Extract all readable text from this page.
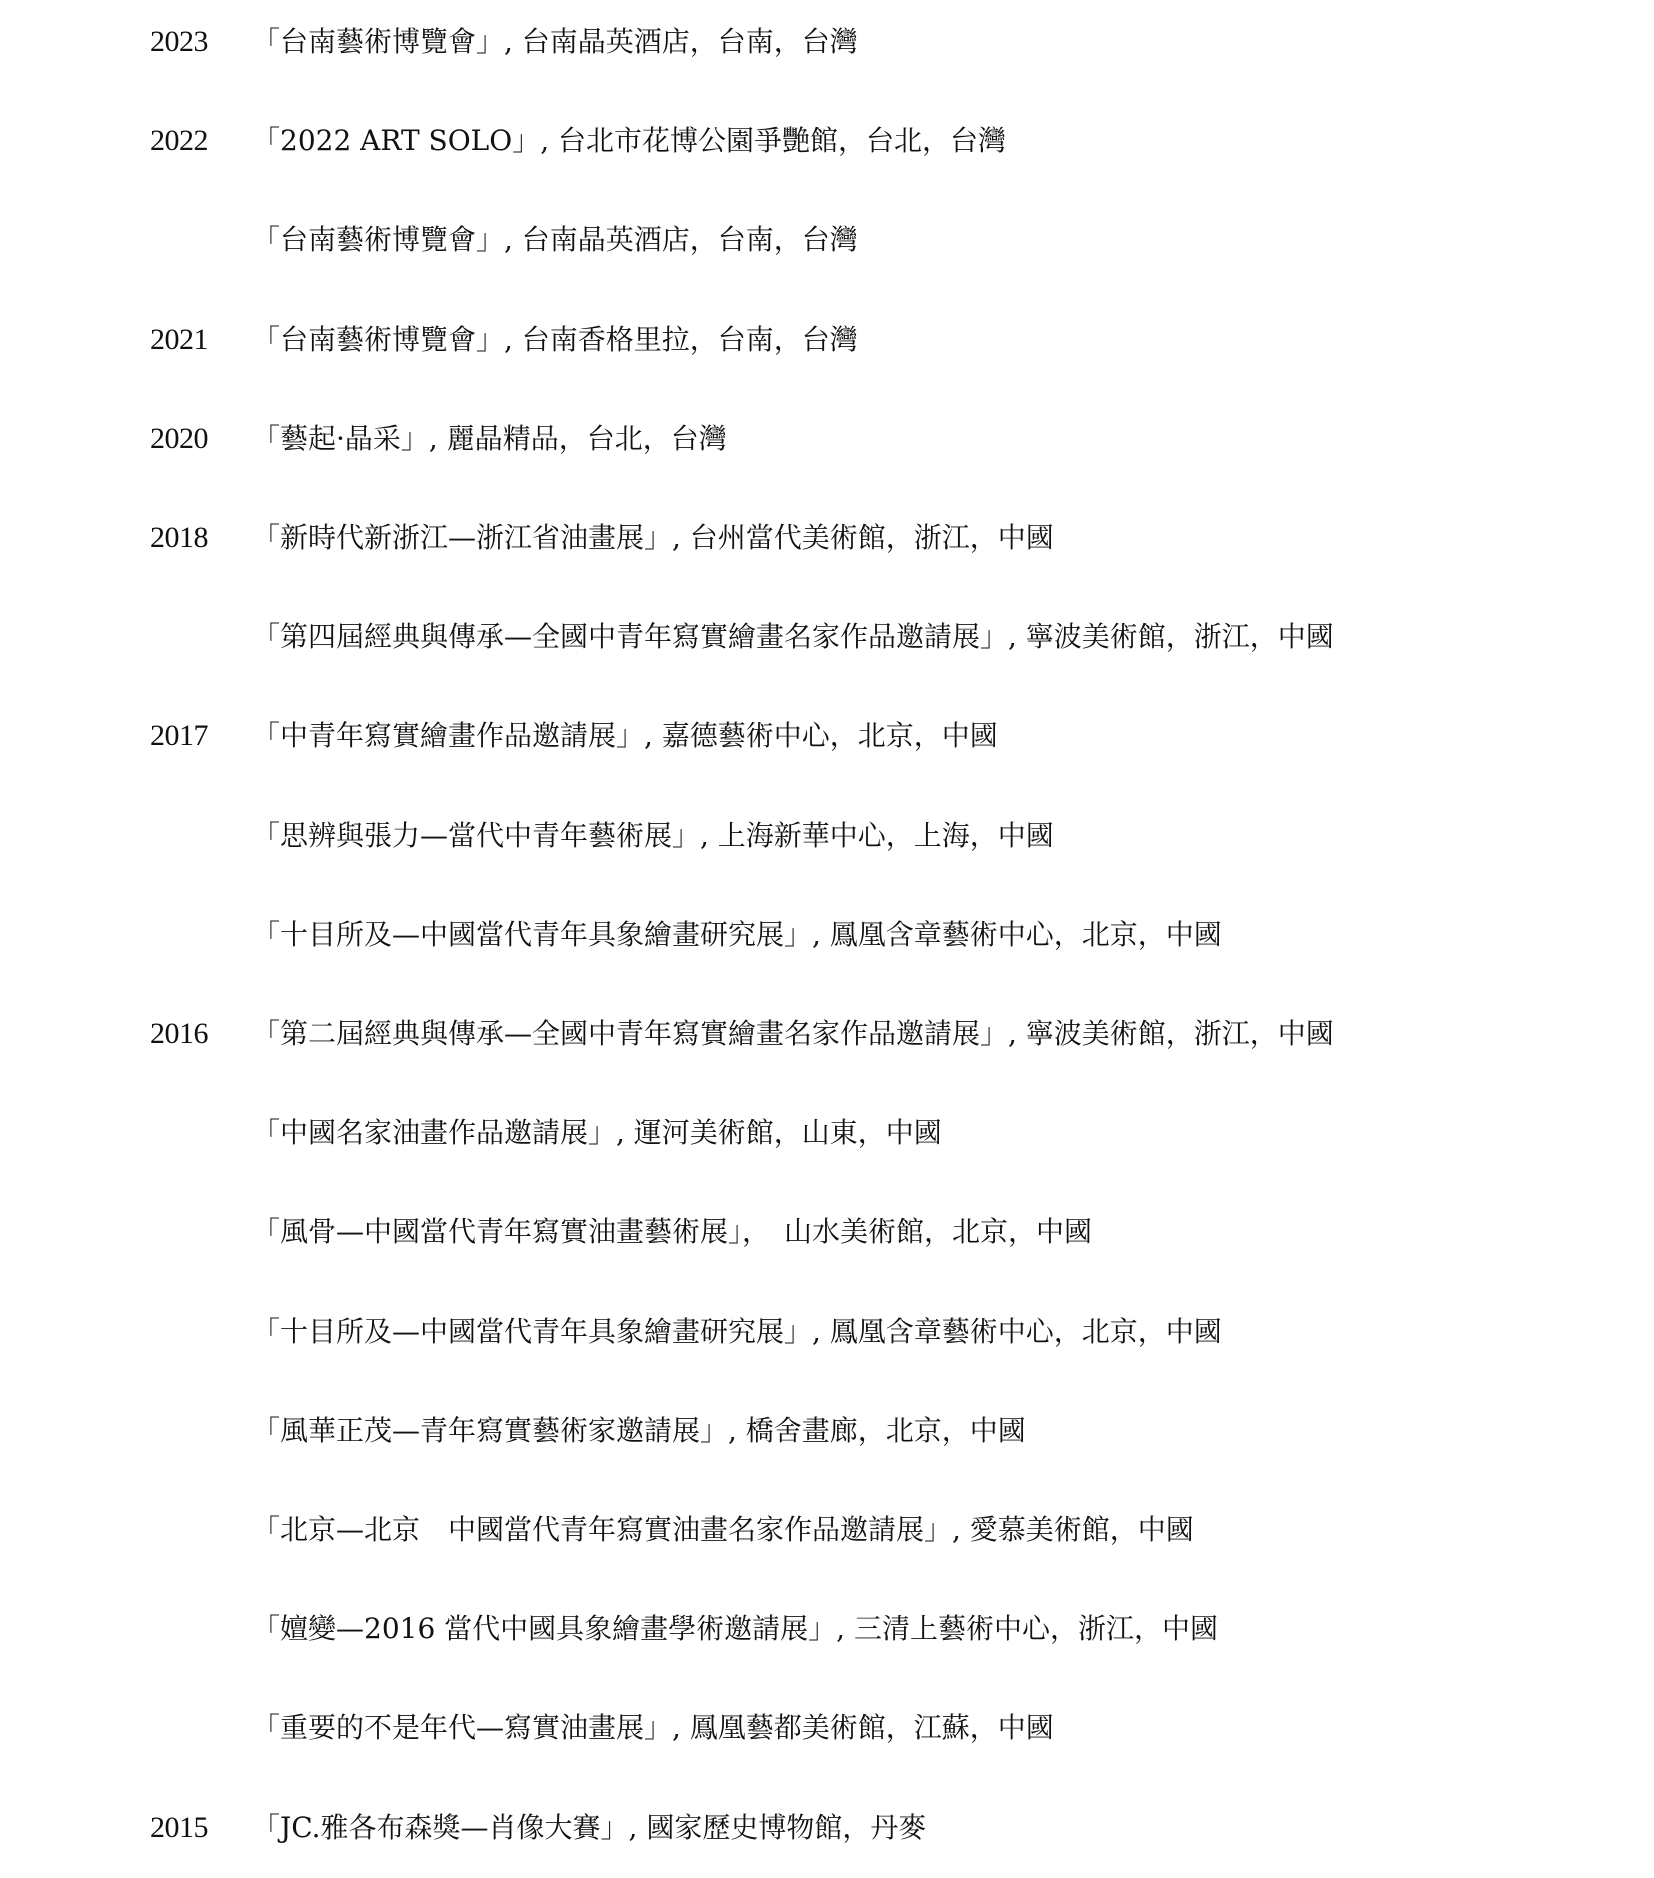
2023 「台南藝術博覽會」, 台南晶英酒店，台南，台灣
2022 「2022 ART SOLO」, 台北市花博公園爭艷館，台北，台灣
「台南藝術博覽會」, 台南晶英酒店，台南，台灣
2021 「台南藝術博覽會」, 台南香格里拉，台南，台灣
2020 「藝起·晶采」, 麗晶精品，台北，台灣
2018 「新時代新浙江—浙江省油畫展」, 台州當代美術館，浙江，中國
「第四屆經典與傳承—全國中青年寫實繪畫名家作品邀請展」, 寧波美術館，浙江，中國
2017 「中青年寫實繪畫作品邀請展」, 嘉德藝術中心，北京，中國
「思辨與張力—當代中青年藝術展」, 上海新華中心，上海，中國
「十目所及—中國當代青年具象繪畫研究展」, 鳳凰含章藝術中心，北京，中國
2016 「第二屆經典與傳承—全國中青年寫實繪畫名家作品邀請展」, 寧波美術館，浙江，中國
「中國名家油畫作品邀請展」, 運河美術館，山東，中國
「風骨—中國當代青年寫實油畫藝術展」，　山水美術館，北京，中國
「十目所及—中國當代青年具象繪畫研究展」, 鳳凰含章藝術中心，北京，中國
「風華正茂—青年寫實藝術家邀請展」, 橋舍畫廊，北京，中國
「北京—北京　中國當代青年寫實油畫名家作品邀請展」, 愛慕美術館，中國
「嬗變—2016 當代中國具象繪畫學術邀請展」, 三清上藝術中心，浙江，中國
「重要的不是年代—寫實油畫展」, 鳳凰藝都美術館，江蘇，中國
2015 「JC.雅各布森獎—肖像大賽」, 國家歷史博物館，丹麥
